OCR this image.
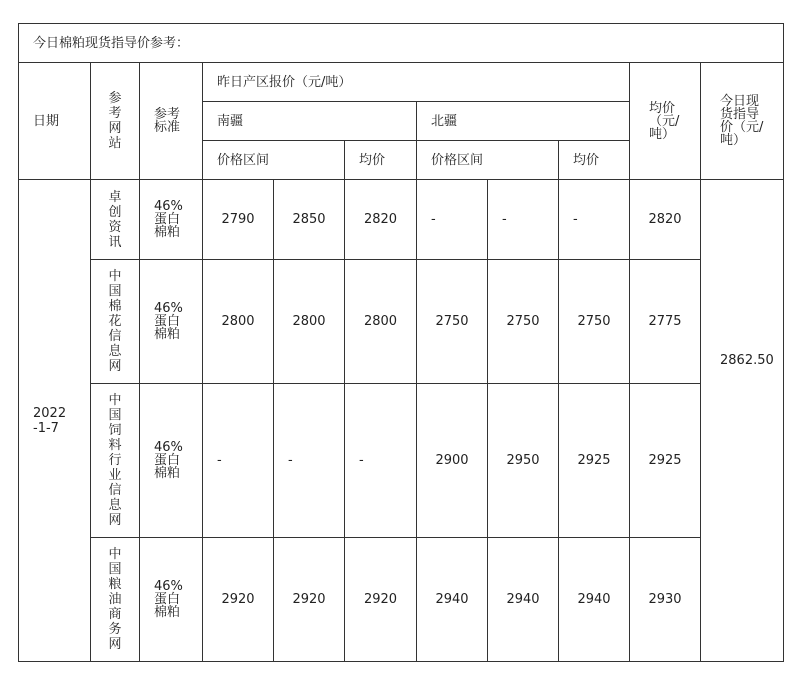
今日棉粕现货指导价参考：										
日期	参考网站	参考标准	昨日产区报价（元/吨）						均价（元/吨）	今日现货指导价（元/吨）

			南疆			北疆				
			价格区间		均价	价格区间		均价		

2022-1-7	卓创资讯	46%蛋白棉粕	2790	2850	2820	-	-	-	2820	2862.50

	中国棉花信息网	46%蛋白棉粕	2800	2800	2800	2750	2750	2750	2775	

	中国饲料行业信息网	46%蛋白棉粕	-	-	-	2900	2950	2925	2925	

	中国粮油商务网	46%蛋白棉粕	2920	2920	2920	2940	2940	2940	2930	
